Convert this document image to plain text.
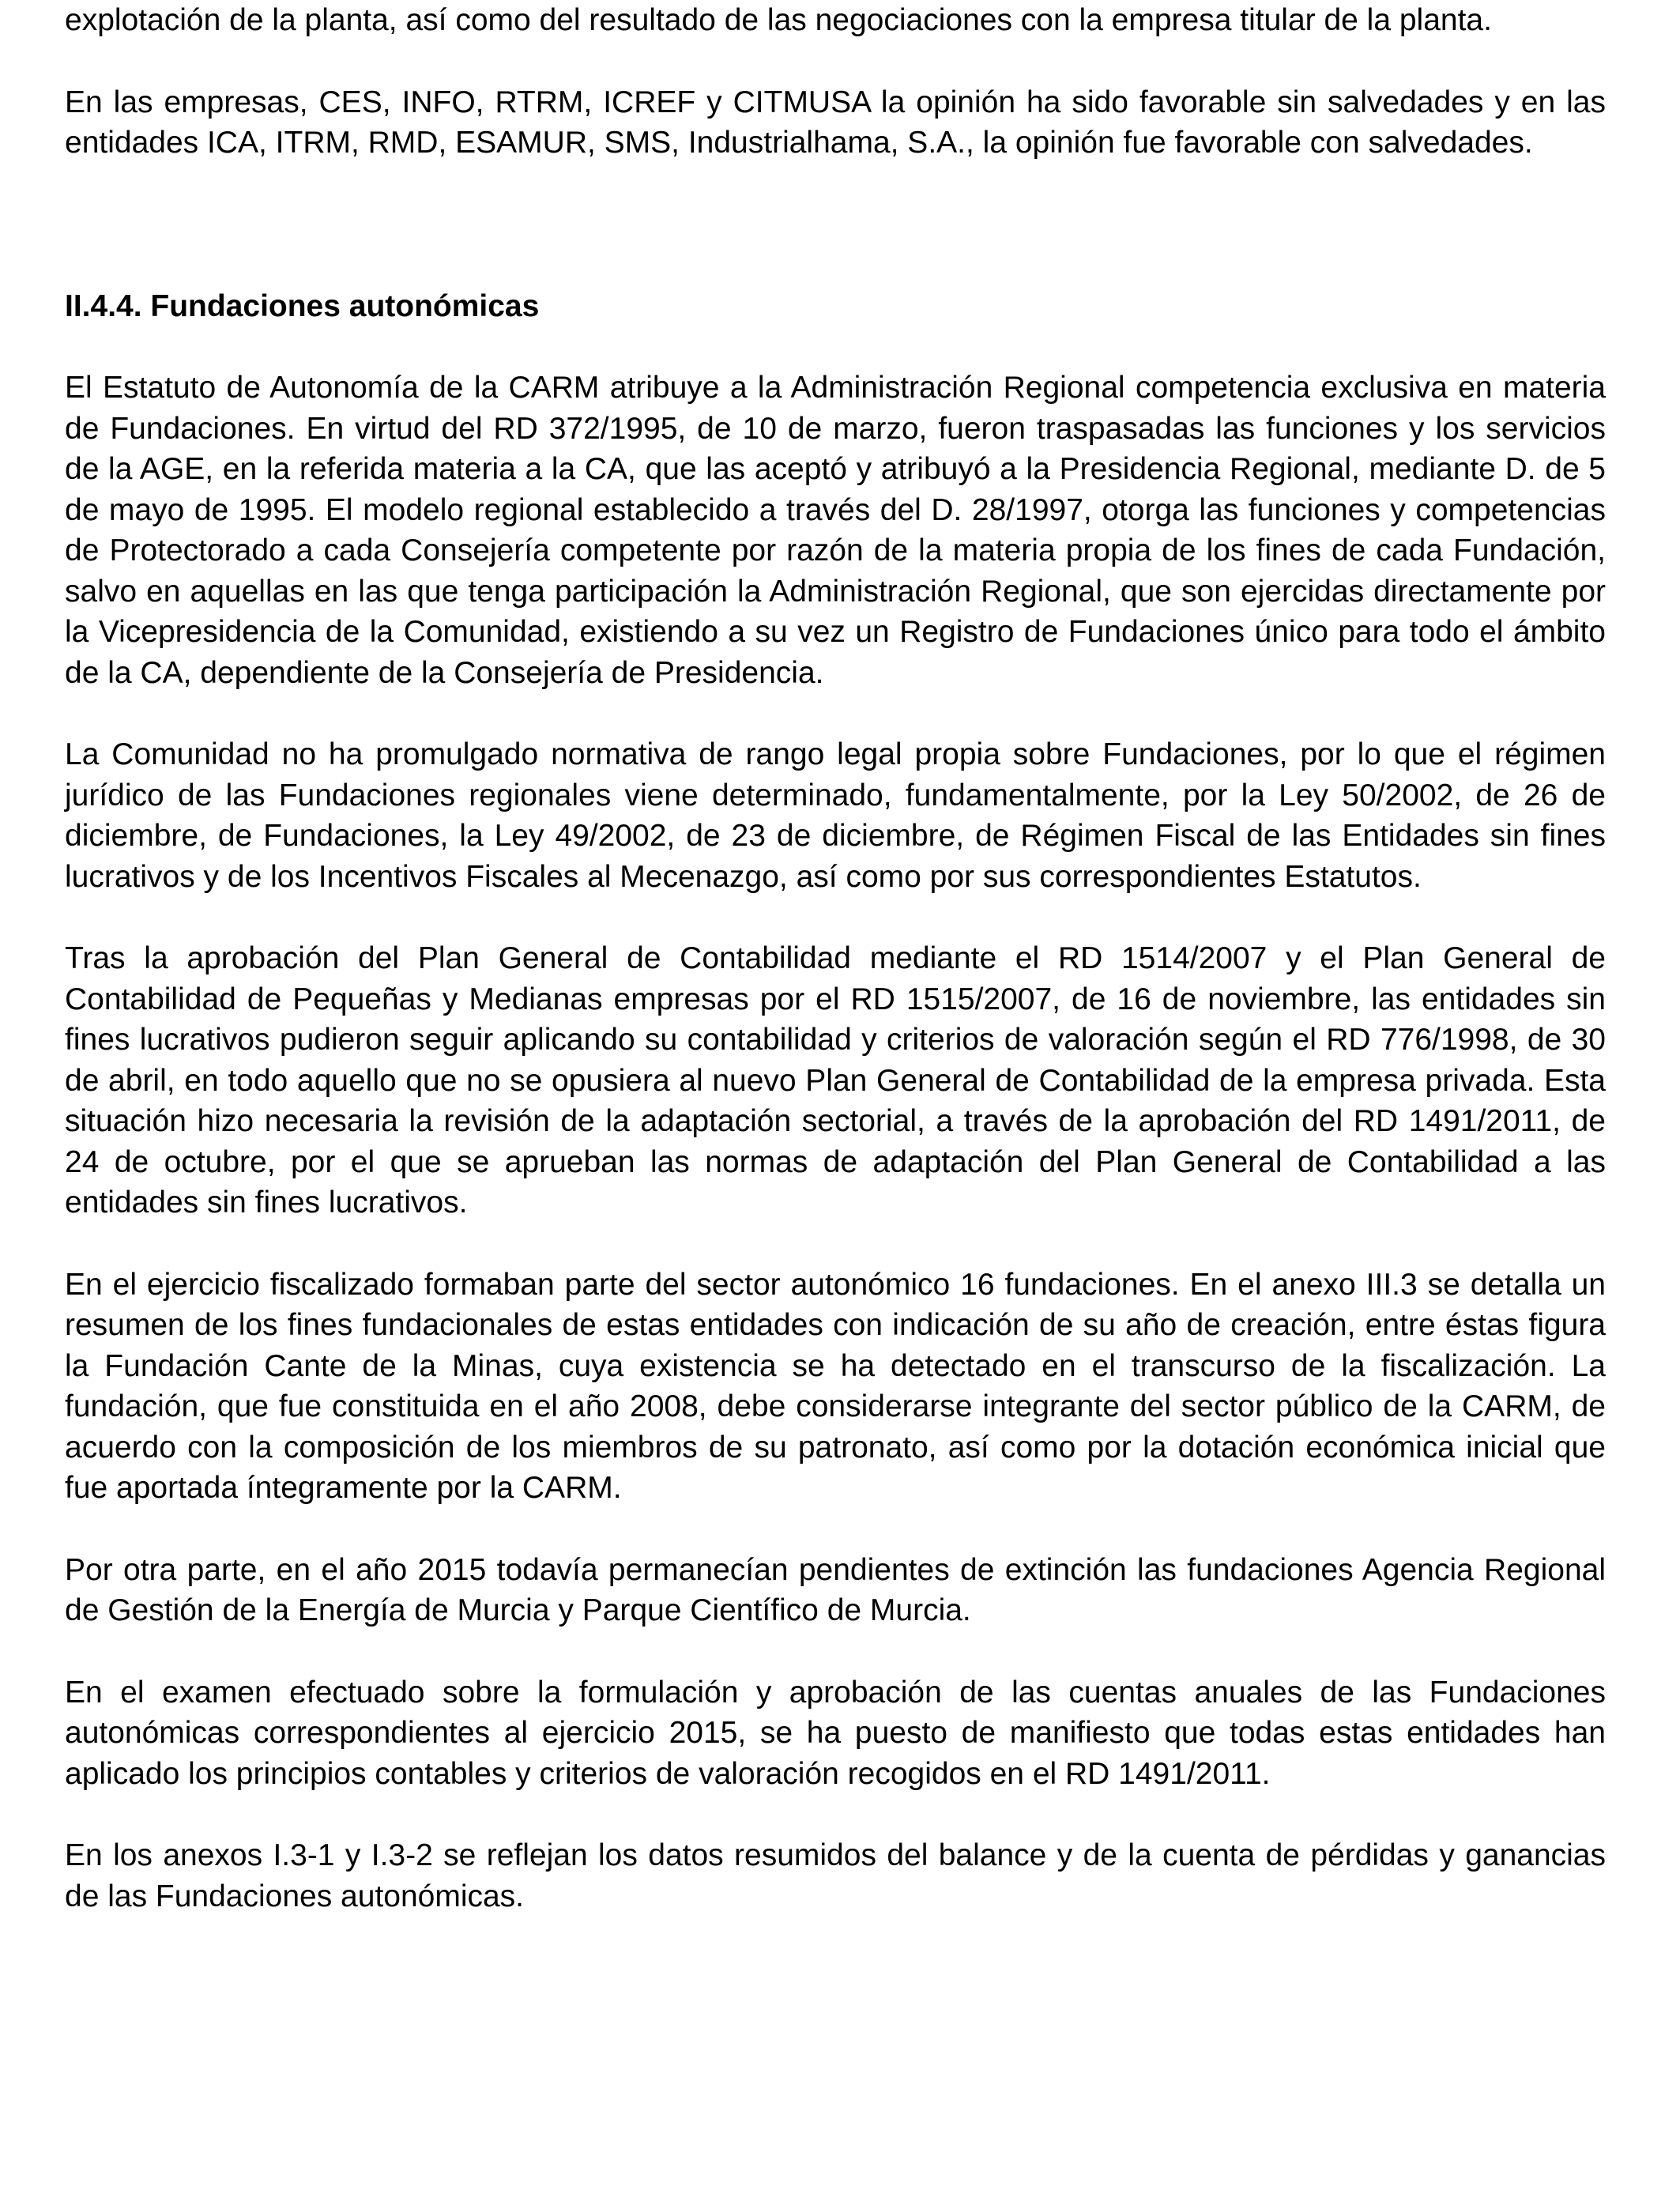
explotación de la planta, así como del resultado de las negociaciones con la empresa titular de la planta.

En las empresas, CES, INFO, RTRM, ICREF y CITMUSA la opinión ha sido favorable sin salvedades y en las entidades ICA, ITRM, RMD, ESAMUR, SMS, Industrialhama, S.A., la opinión fue favorable con salvedades.

II.4.4. Fundaciones autonómicas

El Estatuto de Autonomía de la CARM atribuye a la Administración Regional competencia exclusiva en materia de Fundaciones. En virtud del RD 372/1995, de 10 de marzo, fueron traspasadas las funciones y los servicios de la AGE, en la referida materia a la CA, que las aceptó y atribuyó a la Presidencia Regional, mediante D. de 5 de mayo de 1995. El modelo regional establecido a través del D. 28/1997, otorga las funciones y competencias de Protectorado a cada Consejería competente por razón de la materia propia de los fines de cada Fundación, salvo en aquellas en las que tenga participación la Administración Regional, que son ejercidas directamente por la Vicepresidencia de la Comunidad, existiendo a su vez un Registro de Fundaciones único para todo el ámbito de la CA, dependiente de la Consejería de Presidencia.

La Comunidad no ha promulgado normativa de rango legal propia sobre Fundaciones, por lo que el régimen jurídico de las Fundaciones regionales viene determinado, fundamentalmente, por la Ley 50/2002, de 26 de diciembre, de Fundaciones, la Ley 49/2002, de 23 de diciembre, de Régimen Fiscal de las Entidades sin fines lucrativos y de los Incentivos Fiscales al Mecenazgo, así como por sus correspondientes Estatutos.

Tras la aprobación del Plan General de Contabilidad mediante el RD 1514/2007 y el Plan General de Contabilidad de Pequeñas y Medianas empresas por el RD 1515/2007, de 16 de noviembre, las entidades sin fines lucrativos pudieron seguir aplicando su contabilidad y criterios de valoración según el RD 776/1998, de 30 de abril, en todo aquello que no se opusiera al nuevo Plan General de Contabilidad de la empresa privada. Esta situación hizo necesaria la revisión de la adaptación sectorial, a través de la aprobación del RD 1491/2011, de 24 de octubre, por el que se aprueban las normas de adaptación del Plan General de Contabilidad a las entidades sin fines lucrativos.

En el ejercicio fiscalizado formaban parte del sector autonómico 16 fundaciones. En el anexo III.3 se detalla un resumen de los fines fundacionales de estas entidades con indicación de su año de creación, entre éstas figura la Fundación Cante de la Minas, cuya existencia se ha detectado en el transcurso de la fiscalización. La fundación, que fue constituida en el año 2008, debe considerarse integrante del sector público de la CARM, de acuerdo con la composición de los miembros de su patronato, así como por la dotación económica inicial que fue aportada íntegramente por la CARM.

Por otra parte, en el año 2015 todavía permanecían pendientes de extinción las fundaciones Agencia Regional de Gestión de la Energía de Murcia y Parque Científico de Murcia.

En el examen efectuado sobre la formulación y aprobación de las cuentas anuales de las Fundaciones autonómicas correspondientes al ejercicio 2015, se ha puesto de manifiesto que todas estas entidades han aplicado los principios contables y criterios de valoración recogidos en el RD 1491/2011.

En los anexos I.3-1 y I.3-2 se reflejan los datos resumidos del balance y de la cuenta de pérdidas y ganancias de las Fundaciones autonómicas.
